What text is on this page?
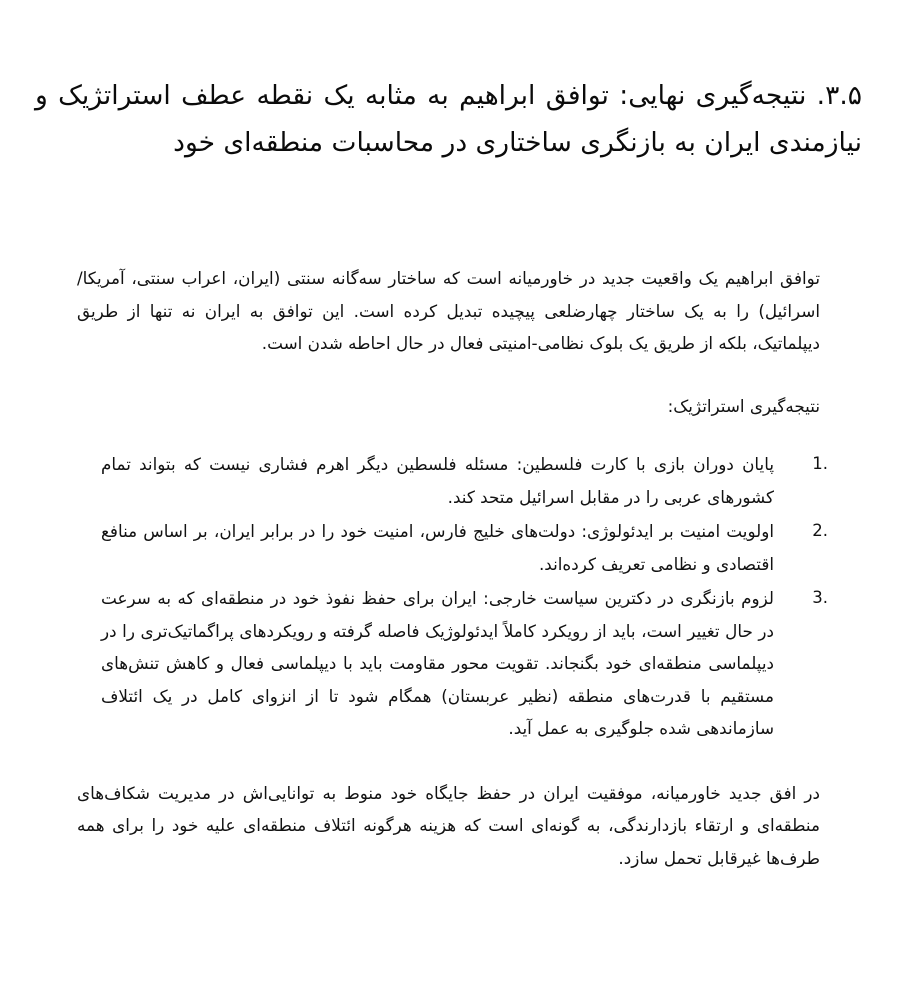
۳.۵. نتیجه‌گیری نهایی: توافق ابراهیم به مثابه یک نقطه عطف استراتژیک و نیازمندی ایران به بازنگری ساختاری در محاسبات منطقه‌ای خود

توافق ابراهیم یک واقعیت جدید در خاورمیانه است که ساختار سه‌گانه سنتی (ایران، اعراب سنتی، آمریکا/اسرائیل) را به یک ساختار چهارضلعی پیچیده تبدیل کرده است. این توافق به ایران نه تنها از طریق دیپلماتیک، بلکه از طریق یک بلوک نظامی-امنیتی فعال در حال احاطه شدن است.

نتیجه‌گیری استراتژیک:
پایان دوران بازی با کارت فلسطین: مسئله فلسطین دیگر اهرم فشاری نیست که بتواند تمام کشورهای عربی را در مقابل اسرائیل متحد کند.
اولویت امنیت بر ایدئولوژی: دولت‌های خلیج فارس، امنیت خود را در برابر ایران، بر اساس منافع اقتصادی و نظامی تعریف کرده‌اند.
لزوم بازنگری در دکترین سیاست خارجی: ایران برای حفظ نفوذ خود در منطقه‌ای که به سرعت در حال تغییر است، باید از رویکرد کاملاً ایدئولوژیک فاصله گرفته و رویکردهای پراگماتیک‌تری را در دیپلماسی منطقه‌ای خود بگنجاند. تقویت محور مقاومت باید با دیپلماسی فعال و کاهش تنش‌های مستقیم با قدرت‌های منطقه (نظیر عربستان) همگام شود تا از انزوای کامل در یک ائتلاف سازماندهی شده جلوگیری به عمل آید.

در افق جدید خاورمیانه، موفقیت ایران در حفظ جایگاه خود منوط به توانایی‌اش در مدیریت شکاف‌های منطقه‌ای و ارتقاء بازدارندگی، به گونه‌ای است که هزینه هرگونه ائتلاف منطقه‌ای علیه خود را برای همه طرف‌ها غیرقابل تحمل سازد.
